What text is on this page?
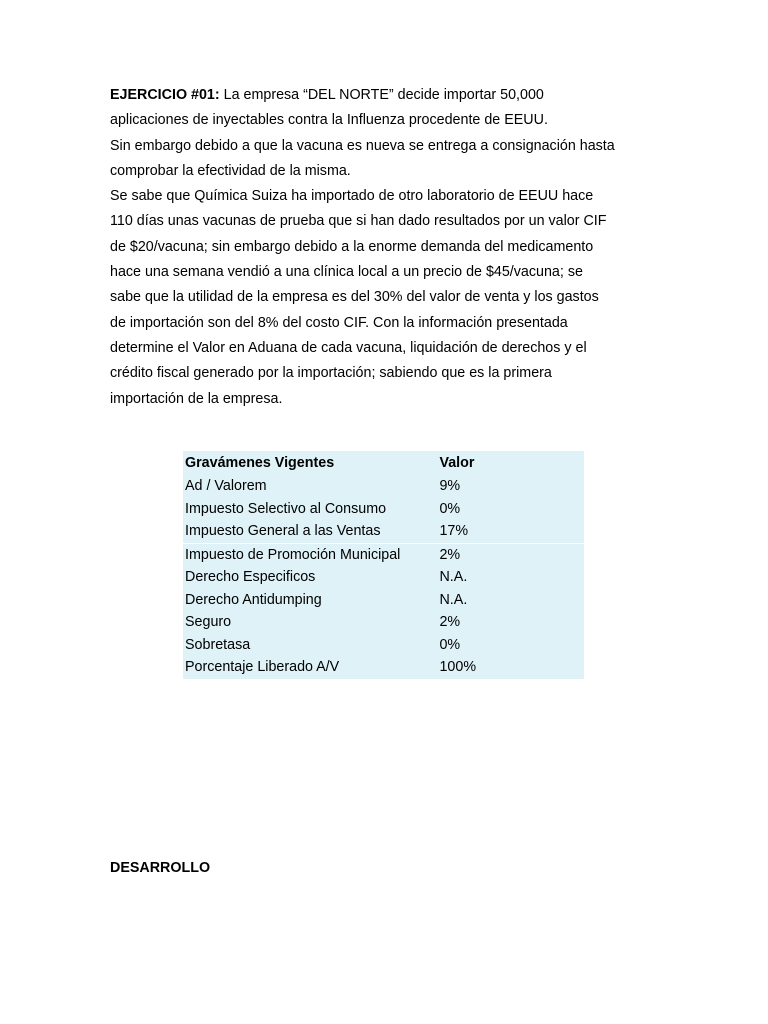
EJERCICIO #01: La empresa “DEL NORTE” decide importar 50,000

aplicaciones de inyectables contra la Influenza procedente de EEUU.

Sin embargo debido a que la vacuna es nueva se entrega a consignación hasta

comprobar la efectividad de la misma.

Se sabe que Química Suiza ha importado de otro laboratorio de EEUU hace

110 días unas vacunas de prueba que si han dado resultados por un valor CIF

de $20/vacuna; sin embargo debido a la enorme demanda del medicamento

hace una semana vendió a una clínica local a un precio de $45/vacuna; se

sabe que la utilidad de la empresa es del 30% del valor de venta y los gastos

de importación son del 8% del costo CIF. Con la información presentada

determine el Valor en Aduana de cada vacuna, liquidación de derechos y el

crédito fiscal generado por la importación; sabiendo que es la primera

importación de la empresa.

Gravámenes Vigentes	Valor
Ad / Valorem	9%
Impuesto Selectivo al Consumo	0%
Impuesto General a las Ventas	17%
Impuesto de Promoción Municipal	2%
Derecho Especificos	N.A.
Derecho Antidumping	N.A.
Seguro	2%
Sobretasa	0%
Porcentaje Liberado A/V	100%
DESARROLLO
